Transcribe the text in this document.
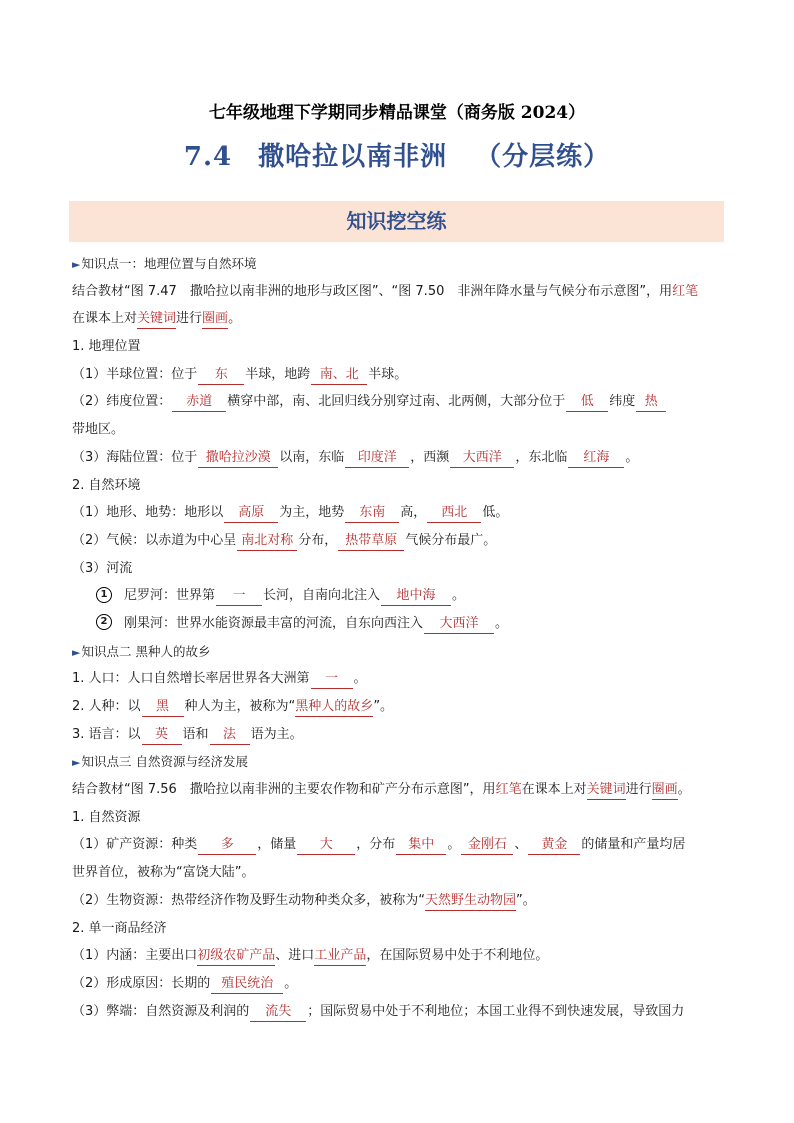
七年级地理下学期同步精品课堂（商务版 2024）
7.4 撒哈拉以南非洲 （分层练）
知识挖空练
►知识点一：地理位置与自然环境
结合教材“图 7.47　撒哈拉以南非洲的地形与政区图”、“图 7.50　非洲年降水量与气候分布示意图”，用红笔
在课本上对关键词进行圈画。
1. 地理位置
（1）半球位置：位于 东 半球，地跨 南、北 半球。
（2）纬度位置： 赤道 横穿中部，南、北回归线分别穿过南、北两侧，大部分位于 低 纬度 热
带地区。
（3）海陆位置：位于 撒哈拉沙漠 以南，东临 印度洋 ，西濒 大西洋 ，东北临 红海 。
2. 自然环境
（1）地形、地势：地形以 高原 为主，地势 东南 高， 西北 低。
（2）气候：以赤道为中心呈 南北对称 分布， 热带草原 气候分布最广。
（3）河流
1 尼罗河：世界第 一 长河，自南向北注入 地中海 。
2 刚果河：世界水能资源最丰富的河流，自东向西注入 大西洋 。
►知识点二 黑种人的故乡
1. 人口：人口自然增长率居世界各大洲第 一 。
2. 人种：以 黑 种人为主，被称为“黑种人的故乡”。
3. 语言：以 英 语和 法 语为主。
►知识点三 自然资源与经济发展
结合教材“图 7.56　撒哈拉以南非洲的主要农作物和矿产分布示意图”，用红笔在课本上对关键词进行圈画。
1. 自然资源
（1）矿产资源：种类 多 ，储量 大 ，分布 集中 。 金刚石 、 黄金 的储量和产量均居
世界首位，被称为“富饶大陆”。
（2）生物资源：热带经济作物及野生动物种类众多，被称为“天然野生动物园”。
2. 单一商品经济
（1）内涵：主要出口初级农矿产品、进口工业产品，在国际贸易中处于不利地位。
（2）形成原因：长期的 殖民统治 。
（3）弊端：自然资源及利润的 流失 ；国际贸易中处于不利地位；本国工业得不到快速发展，导致国力
